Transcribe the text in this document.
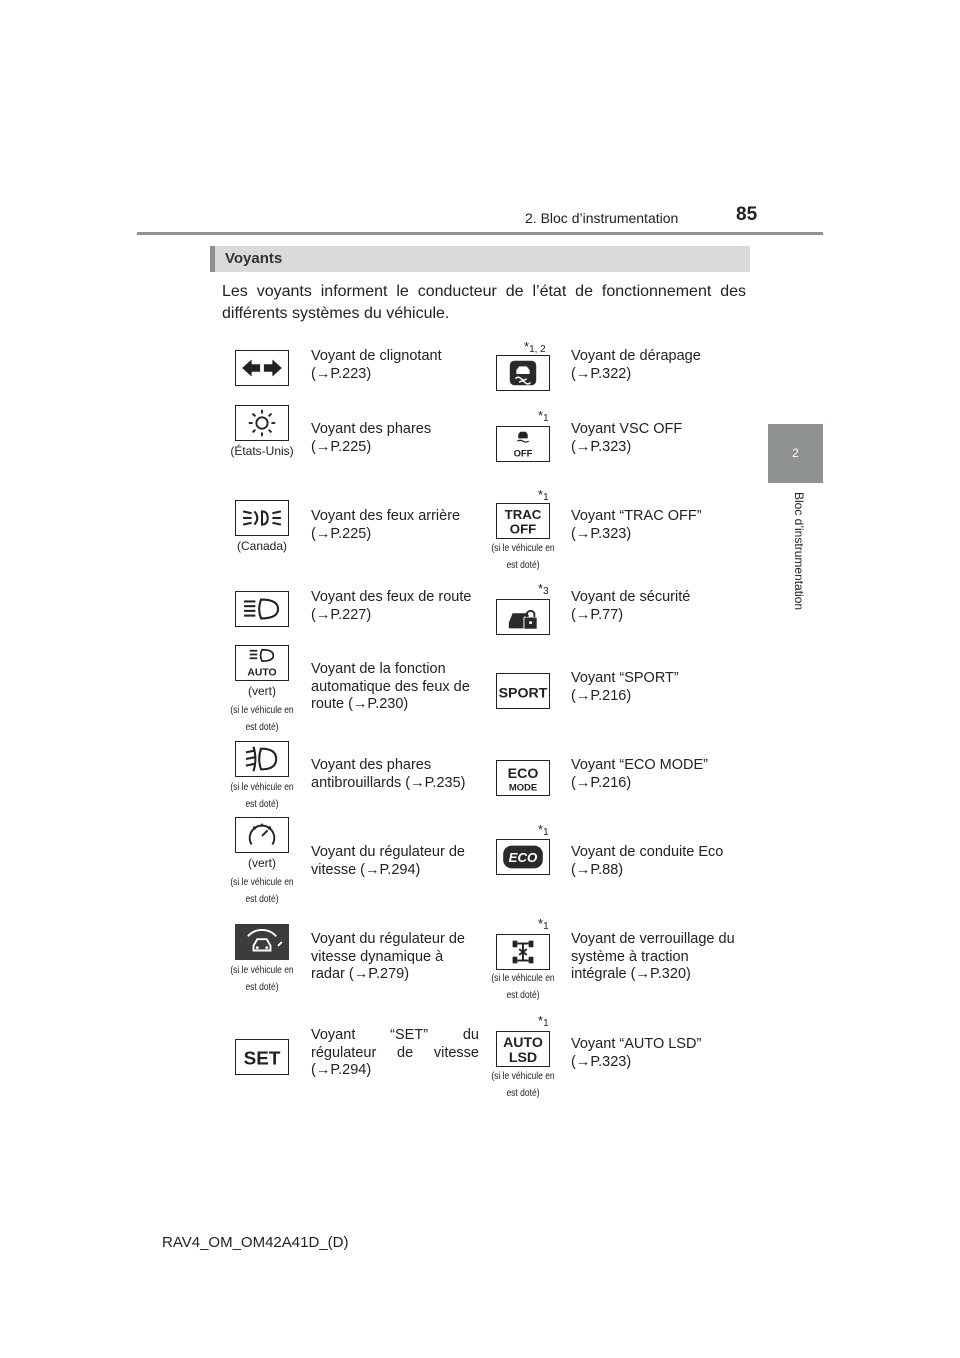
2. Bloc d’instrumentation	85
2
Bloc d’instrumentation
Voyants
Les voyants informent le conducteur de l’état de fonctionnement des différents systèmes du véhicule.
Voyant de clignotant (→P.223)
(États-Unis)
Voyant des phares (→P.225)
(Canada)
Voyant des feux arrière (→P.225)
Voyant des feux de route (→P.227)
AUTO
(vert)
(si le véhicule en est doté)
Voyant de la fonction automatique des feux de route (→P.230)
(si le véhicule en est doté)
Voyant des phares antibrouillards (→P.235)
(vert)
(si le véhicule en est doté)
Voyant du régulateur de vitesse (→P.294)
(si le véhicule en est doté)
Voyant du régulateur de vitesse dynamique à radar (→P.279)
SET
Voyant “SET” du régulateur de vitesse (→P.294)
$*_{1, 2}$ Voyant de dérapage (→P.322)
$*_1$
OFF
Voyant VSC OFF (→P.323)
$*_1$
TRAC
OFF
(si le véhicule en est doté)
Voyant “TRAC OFF” (→P.323)
$*_3$ Voyant de sécurité (→P.77)
SPORT
Voyant “SPORT” (→P.216)
ECO
MODE
Voyant “ECO MODE” (→P.216)
$*_1$
ECO Voyant de conduite Eco (→P.88)
$*_1$
(si le véhicule en est doté)
Voyant de verrouillage du système à traction intégrale (→P.320)
$*_1$
AUTO
LSD
(si le véhicule en est doté)
Voyant “AUTO LSD” (→P.323)
RAV4_OM_OM42A41D_(D)
